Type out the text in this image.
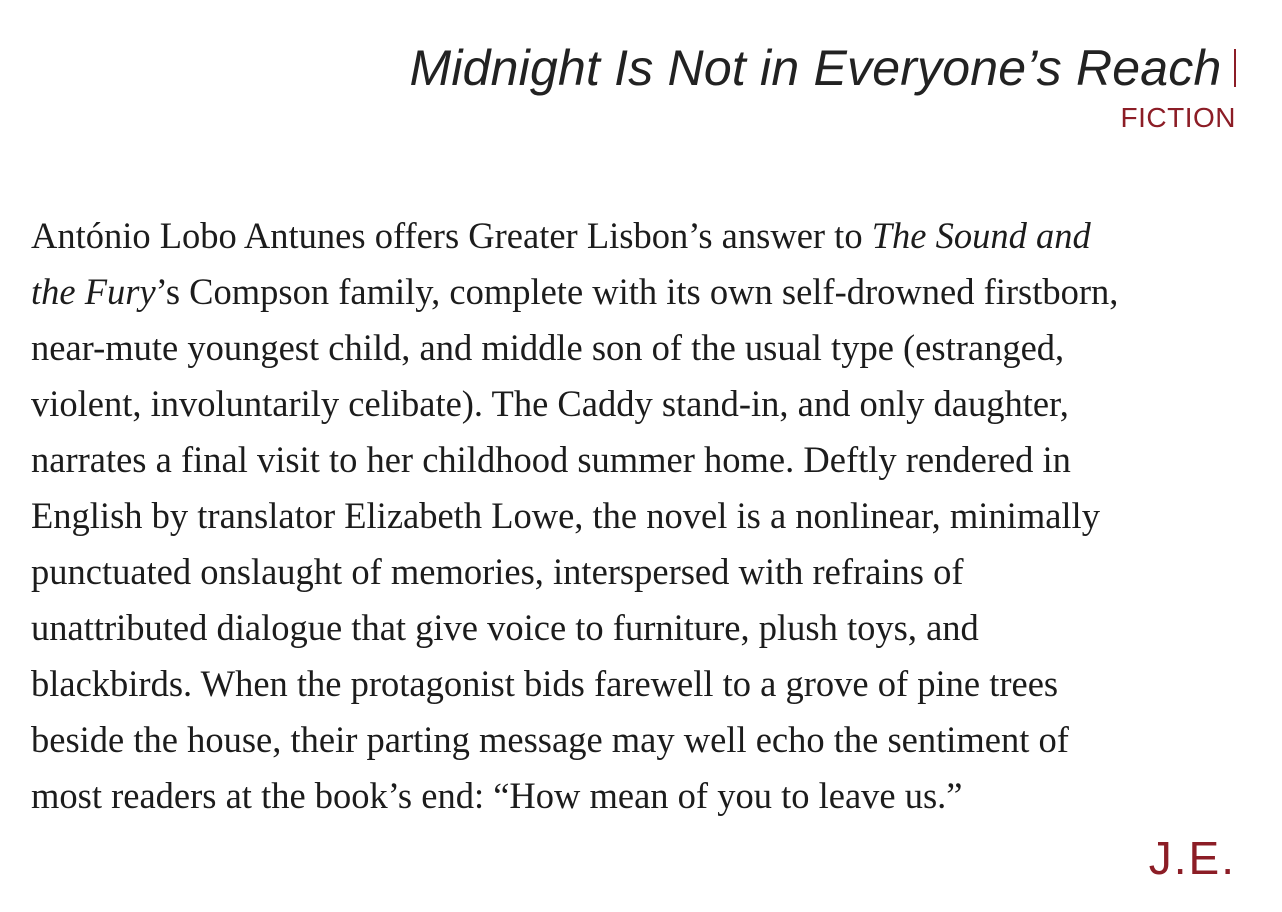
Midnight Is Not in Everyone’s Reach
FICTION

António Lobo Antunes offers Greater Lisbon’s answer to The Sound and
the Fury’s Compson family, complete with its own self-drowned firstborn,
near-mute youngest child, and middle son of the usual type (estranged,
violent, involuntarily celibate). The Caddy stand-in, and only daughter,
narrates a final visit to her childhood summer home. Deftly rendered in
English by translator Elizabeth Lowe, the novel is a nonlinear, minimally
punctuated onslaught of memories, interspersed with refrains of
unattributed dialogue that give voice to furniture, plush toys, and
blackbirds. When the protagonist bids farewell to a grove of pine trees
beside the house, their parting message may well echo the sentiment of
most readers at the book’s end: “How mean of you to leave us.”

J.E.
